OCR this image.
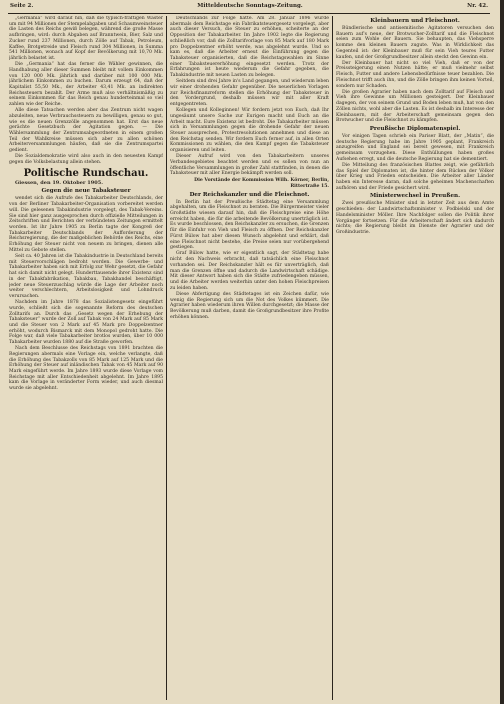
Seite 2.	Mitteldeutsche Sonntags-Zeitung.	Nr. 42.

„Germania“ wird darauf hin, daß die typisch-fräftigen Wäster um mit 94 Millionen der Stempelabgaben und Schaumweinsteuer die Lasten des Reichs gewiß belegen, während die große Masse aufbringen, wird: durch Abgaben auf Branntwein, Bier, Salz und Zucker rund 237 Millionen, durch Zölle auf Tabak, Petroleum, Kaffee, Brotgetreide und Fleisch rund 304 Millionen, in Summa 541 Millionen, wonach auf Kopf der Bevölkerung mit 10,70 Mk. jährlich belastet ist.

Die „Germania“ hat das ferner die Wähler gewinnen, die Handhabung aller dieser Summen bleibt mit vollem Einkommen von 120 000 Mk. jährlich und darüber mit 100 000 Mk. jährlichem Einkommen zu buchen. Darum erzeugt 64, daß der Kapitalist 55,50 Mk., der Arbeiter 43,41 Mk. an indirekten Reichssteuern bezahlt. Der Arme muß also verhältnismäßig zu seinem Einkommen für das Reich genau hunderteinmal so viel zahlen wie der Reiche.

Alle diese Tatsachen werden aber das Zentrum nicht wagen abzuleiten, neue Verbrauchssteuern zu bewilligen, genau so gut, wie es die neuen Grenzzölle angenommen hat. Erst das neue gerächte Gesetzbuch der Agitation gegen. — Die Wählersammlung der Zentrumsabgeordneten in einem großen Teil der Wahlkreise müssen sich aber zu allen schönen Arbeiterversammlungen häufen, daß sie die Zentrumspartei gedient.

Die Sozialdemokratie wird also auch in den neuesten Kampf gegen die Volksbelastung allein stehen.

Politische Rundschau.
Giessen, den 19. Oktober 1905.
Gegen die neue Tabaksteuer

wendet sich die Aufrufe des Tabakarbeiter Deutschlands, der von der Berliner Tabakarbeiter-Organisation vorbereitet werden will. Die gelesenen Tabakindustrie vorgelegt, des Tabak-Vereins. Sie sind hier ganz ausgesprochen durch offizielle Mitteilungen in Zeitschriften und Berichten der verbündeten Zeitungen ermittelt worden. Ist ihr Jahre 1905 zu Berlin tagte der Kongreß der Tabakarbeiter Deutschlands der Aufforderung der Reichsregierung, die der maßgeblichen Behörde des Reichs, eine Erhöhung der Steuer nicht von neuem zu bringen, dienen alle Mittel zu Gebote stellen.

Seit ca. 40 Jahren ist die Tabakindustrie in Deutschland bereits mit Steuervorschlägen bedroht worden. Die Gewerbe- und Tabakarbeiter haben sich mit Erfolg zur Wehr gesetzt, die Gefahr hat sich damit nicht gelegt. Hunderttausende ihrer Existenz sind in der Tabakfabrikation, Tabakbau, Tabakhandel beschäftigt, jeder neue Steuerzuschlag würde die Lage der Arbeiter noch weiter verschlechtern, Arbeitslosigkeit und Lohndruck verursachen.

Nachdem im Jahre 1878 das Sozialistengesetz eingeführt wurde, schließt sich die sogenannte Reform des deutschen Zolltarifs an. Durch das „Gesetz wegen der Erhebung der Tabaksteuer“ wurde der Zoll auf Tabak von 24 Mark auf 85 Mark und die Steuer von 2 Mark auf 45 Mark pro Doppelzentner erhöht, wodurch Bismarck mit dem Monopol gedroht hatte. Die Folge war, daß viele Tabakarbeiter brotlos wurden, über 10 000 Tabakarbeiter wurden 1880 auf die Straße geworfen.

Nach dem Beschlusse des Reichstags von 1891 brachten die Regierungen abermals eine Vorlage ein, welche verlangte, daß die Erhöhung des Tabakzolls von 85 Mark auf 125 Mark und die Erhöhung der Steuer auf inländischen Tabak von 45 Mark auf 90 Mark eingeführt werde. Im Jahre 1893 wurde diese Vorlage vom Reichstage mit aller Entschiedenheit abgelehnt. Im Jahre 1895 kam die Vorlage in veränderter Form wieder, und auch diesmal wurde sie abgelehnt.

Deutschlands zur Folge hatte. Am 28. Januar 1896 wurde abermals dem Reichstage ein Fabrikatsteuergesetz vorgelegt, aber auch dieser Versuch, die Steuer zu erhöhen, scheiterte an der Opposition der Tabakarbeiter. Im Jahre 1902 legte die Regierung schließlich vor, daß die Zolltarifvorlage von 85 Mark auf 180 Mark pro Doppelzentner erhöht werde, was abgelehnt wurde. Und so kam es, daß die Arbeiter erneut die Einführung gegen die Tabaksteuer organisierten, daß die Reichstagswahlen im Sinne einer Tabaksteuererhöhung eingesetzt werden. Trotz der Erfahrungen ist heute wiederum die Gefahr gegeben, die Tabakindustrie mit neuen Lasten zu belegen.

Seitdem sind drei Jahre in's Land gegangen, und wiederum leben wir einer drohenden Gefahr gegenüber. Die neuerlichen Vorlagen zur Reichsfinanzreform stellen die Erhöhung der Tabaksteuer in den Vordergrund, deshalb müssen wir mit aller Kraft entgegentreten.

Kollegen und Kolleginnen! Wir fordern jetzt von Euch, daß Ihr ungesäumt unsere Sache zur Eurigen macht und Euch an die Arbeit macht. Eure Existenz ist bedroht. Die Tabakarbeiter müssen sich in Versammlungen gegen die drohende Gefahr der neuen Steuer aussprechen, Protestresolutionen annehmen und diese an den Reichstag senden. Wir fordern Euch ferner auf, in allen Orten Kommissionen zu wählen, die den Kampf gegen die Tabaksteuer organisieren und leiten.

Dieser Aufruf wird von den Tabakarbeitern unseres Verbandesgebietes beachtet werden und es sollen von nun an öffentliche Versammlungen in großer Zahl stattfinden, in denen die Tabaksteuer mit aller Energie bekämpft werden soll.

Die Vorstände der Kommission Wilh. Körner, Berlin, Rittertraße 15.

Der Reichskanzler und die Fleischnot.

In Berlin hat der Preußische Städtetag eine Versammlung abgehalten, um die Fleischnot zu beraten. Die Bürgermeister vieler Großstädte wiesen darauf hin, daß die Fleischpreise eine Höhe erreicht haben, die für die arbeitende Bevölkerung unerträglich ist. Es wurde beschlossen, den Reichskanzler zu ersuchen, die Grenzen für die Einfuhr von Vieh und Fleisch zu öffnen. Der Reichskanzler Fürst Bülow hat aber diesen Wunsch abgelehnt und erklärt, daß eine Fleischnot nicht bestehe, die Preise seien nur vorübergehend gestiegen.

Graf Bülow hatte, wie er eigentlich sagt, der Städtetag habe nicht den Nachweis erbracht, daß tatsächlich eine Fleischnot vorhanden sei. Der Reichskanzler hält es für unverträglich, daß man die Grenzen öffne und dadurch die Landwirtschaft schädige. Mit dieser Antwort haben sich die Städte zufriedengeben müssen, und die Arbeiter werden weiterhin unter den hohen Fleischpreisen zu leiden haben.

Diese Abfertigung des Städtetages ist ein Zeichen dafür, wie wenig die Regierung sich um die Not des Volkes kümmert. Die Agrarier haben wiederum ihren Willen durchgesetzt; die Masse der Bevölkerung muß darben, damit die Großgrundbesitzer ihre Profite erhöhen können.

Kleinbauern und Fleischnot.

Bündlerische und antisemitische Agitatoren versuchen den Bauern auf's neue, der Brotwucher-Zolltarif und die Fleischnot seien zum Wohle der Bauern. Sie behaupten, das Viehsperre komme den kleinen Bauern zugute. Was in Wirklichkeit das Gegenteil ist: der Kleinbauer muß für sein Vieh teures Futter kaufen, und der Großgrundbesitzer allein steckt den Gewinn ein.

Der Kleinbauer hat nicht so viel Vieh, daß er von der Preissteigerung einen Nutzen hätte; er muß vielmehr selbst Fleisch, Futter und andere Lebensbedürfnisse teuer bezahlen. Die Fleischnot trifft auch ihn, und die Zölle bringen ihm keinen Vorteil, sondern nur Schaden.

Die großen Agrarier haben nach dem Zolltarif auf Fleisch und Vieh ihre Gewinne um Millionen gesteigert. Der Kleinbauer dagegen, der von seinem Grund und Boden leben muß, hat von den Zöllen nichts, wohl aber die Lasten. Es ist deshalb im Interesse der Kleinbauern, mit der Arbeiterschaft gemeinsam gegen den Brotwucher und die Fleischnot zu kämpfen.

Preußische Diplomatenspiel.

Vor einigen Tagen schrieb ein Pariser Blatt, der „Matin“, die deutsche Regierung habe im Jahre 1905 geplant, Frankreich anzugreifen und England sei bereit gewesen, mit Frankreich gemeinsam vorzugehen. Diese Enthüllungen haben großes Aufsehen erregt, und die deutsche Regierung hat sie dementiert.

Die Mitteilung des französischen Blattes zeigt, wie gefährlich das Spiel der Diplomaten ist, die hinter dem Rücken der Völker über Krieg und Frieden entscheiden. Die Arbeiter aller Länder haben ein Interesse daran, daß solche geheimen Machenschaften aufhören und der Friede gesichert wird.

Ministerwechsel in Preußen.

Zwei preußische Minister sind in letzter Zeit aus dem Amte geschieden: der Landwirtschaftsminister v. Podbielski und der Handelsminister Möller. Ihre Nachfolger sollen die Politik ihrer Vorgänger fortsetzen. Für die Arbeiterschaft ändert sich dadurch nichts; die Regierung bleibt im Dienste der Agrarier und der Großindustrie.
